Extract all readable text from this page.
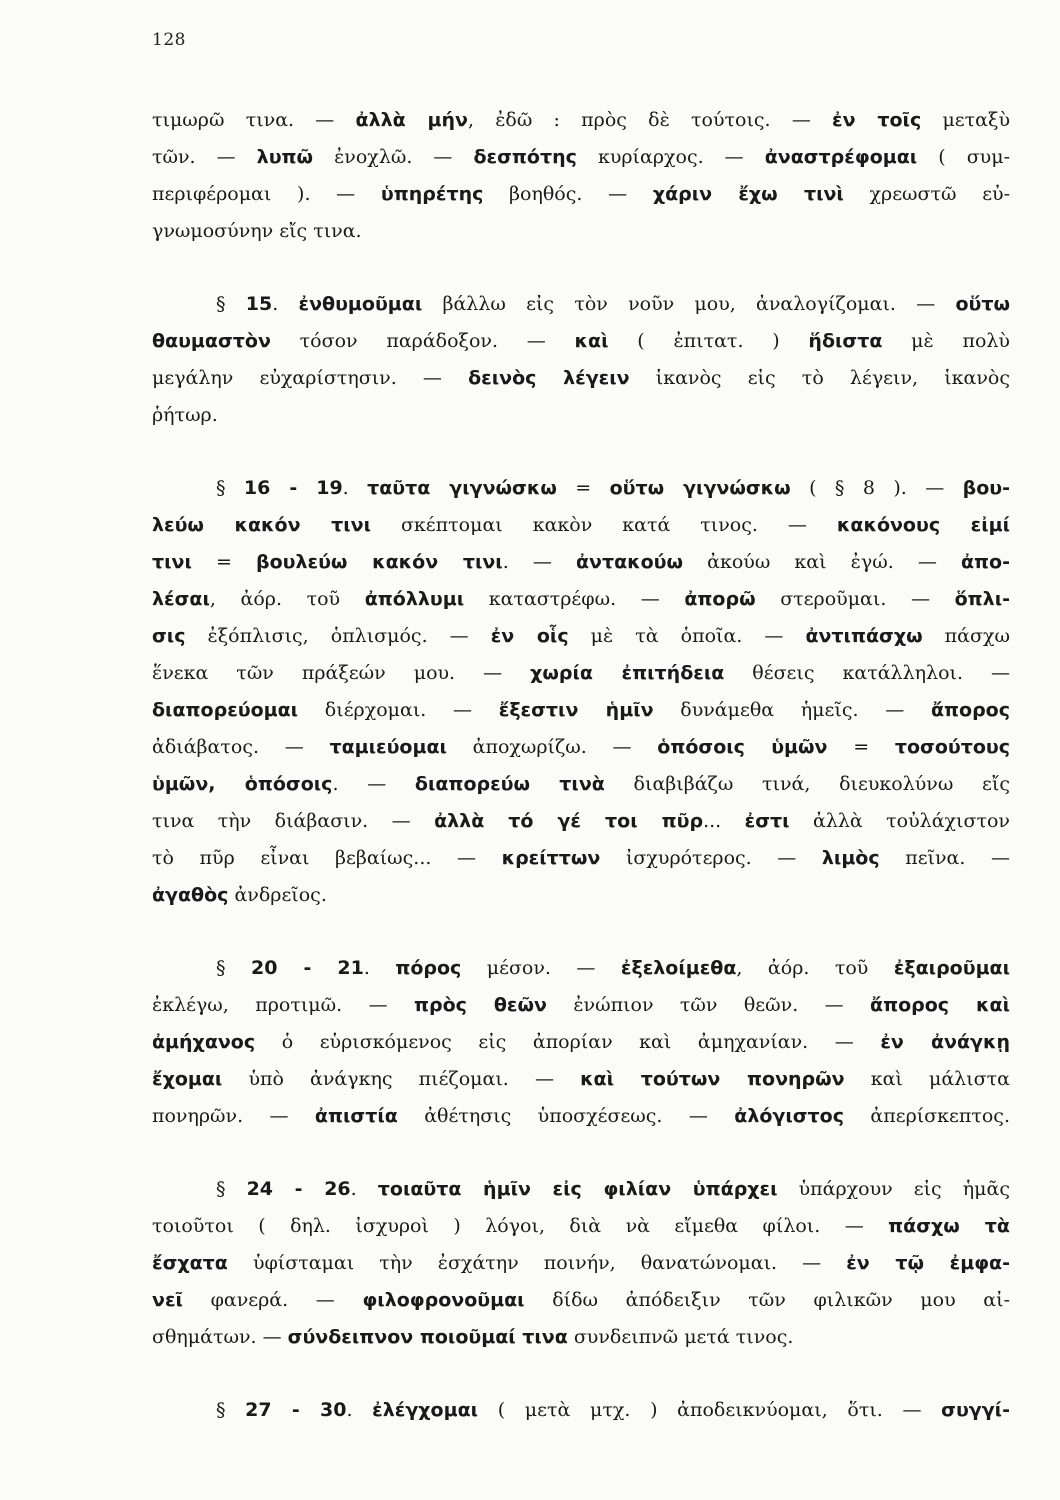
128
τιμωρῶ τινα. — ἀλλὰ μήν, ἐδῶ : πρὸς δὲ τούτοις. — ἐν τοῖς μεταξὺ
τῶν. — λυπῶ ἐνοχλῶ. — δεσπότης κυρίαρχος. — ἀναστρέφομαι ( συμ-
περιφέρομαι ). — ὑπηρέτης βοηθός. — χάριν ἔχω τινὶ χρεωστῶ εὐ-
γνωμοσύνην εἴς τινα.
§ 15. ἐνθυμοῦμαι βάλλω εἰς τὸν νοῦν μου, ἀναλογίζομαι. — οὕτω
θαυμαστὸν τόσον παράδοξον. — καὶ ( ἐπιτατ. ) ἥδιστα μὲ πολὺ
μεγάλην εὐχαρίστησιν. — δεινὸς λέγειν ἱκανὸς εἰς τὸ λέγειν, ἱκανὸς
ῥήτωρ.
§ 16 - 19. ταῦτα γιγνώσκω = οὕτω γιγνώσκω ( § 8 ). — βου-
λεύω κακόν τινι σκέπτομαι κακὸν κατά τινος. — κακόνους εἰμί
τινι = βουλεύω κακόν τινι. — ἀντακούω ἀκούω καὶ ἐγώ. — ἀπο-
λέσαι, ἀόρ. τοῦ ἀπόλλυμι καταστρέφω. — ἀπορῶ στεροῦμαι. — ὅπλι-
σις ἐξόπλισις, ὁπλισμός. — ἐν οἷς μὲ τὰ ὁποῖα. — ἀντιπάσχω πάσχω
ἕνεκα τῶν πράξεών μου. — χωρία ἐπιτήδεια θέσεις κατάλληλοι. —
διαπορεύομαι διέρχομαι. — ἔξεστιν ἡμῖν δυνάμεθα ἡμεῖς. — ἄπορος
ἀδιάβατος. — ταμιεύομαι ἀποχωρίζω. — ὁπόσοις ὑμῶν = τοσούτους
ὑμῶν, ὁπόσοις. — διαπορεύω τινὰ διαβιβάζω τινά, διευκολύνω εἴς
τινα τὴν διάβασιν. — ἀλλὰ τό γέ τοι πῦρ... ἐστι ἀλλὰ τοὐλάχιστον
τὸ πῦρ εἶναι βεβαίως... — κρείττων ἰσχυρότερος. — λιμὸς πεῖνα. —
ἀγαθὸς ἀνδρεῖος.
§ 20 - 21. πόρος μέσον. — ἐξελοίμεθα, ἀόρ. τοῦ ἐξαιροῦμαι
ἐκλέγω, προτιμῶ. — πρὸς θεῶν ἐνώπιον τῶν θεῶν. — ἄπορος καὶ
ἀμήχανος ὁ εὑρισκόμενος εἰς ἀπορίαν καὶ ἀμηχανίαν. — ἐν ἀνάγκῃ
ἔχομαι ὑπὸ ἀνάγκης πιέζομαι. — καὶ τούτων πονηρῶν καὶ μάλιστα
πονηρῶν. — ἀπιστία ἀθέτησις ὑποσχέσεως. — ἀλόγιστος ἀπερίσκεπτος.
§ 24 - 26. τοιαῦτα ἡμῖν εἰς φιλίαν ὑπάρχει ὑπάρχουν εἰς ἡμᾶς
τοιοῦτοι ( δηλ. ἰσχυροὶ ) λόγοι, διὰ νὰ εἴμεθα φίλοι. — πάσχω τὰ
ἔσχατα ὑφίσταμαι τὴν ἐσχάτην ποινήν, θανατώνομαι. — ἐν τῷ ἐμφα-
νεῖ φανερά. — φιλοφρονοῦμαι δίδω ἀπόδειξιν τῶν φιλικῶν μου αἰ-
σθημάτων. — σύνδειπνον ποιοῦμαί τινα συνδειπνῶ μετά τινος.
§ 27 - 30. ἐλέγχομαι ( μετὰ μτχ. ) ἀποδεικνύομαι, ὅτι. — συγγί-
